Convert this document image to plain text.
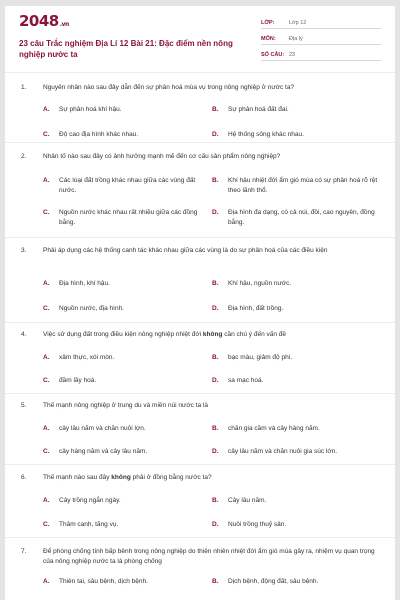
2048.vn
23 câu Trắc nghiệm Địa Lí 12 Bài 21: Đặc điểm nền nông nghiệp nước ta
LỚP:	Lớp 12
MÔN:	Địa lý
SỐ CÂU: 23
1.	Nguyên nhân nào sau đây dẫn đến sự phân hoá mùa vụ trong nông nghiệp ở nước ta?
A.	Sự phân hoá khí hậu.	B.	Sự phân hoá đất đai.
C.	Độ cao địa hình khác nhau.	D.	Hệ thống sông khác nhau.
2.	Nhân tố nào sau đây có ảnh hưởng mạnh mẽ đến cơ cấu sản phẩm nông nghiệp?
A.	Các loại đất trồng khác nhau giữa các vùng đất nước.
B.	Khí hậu nhiệt đới ẩm gió mùa có sự phân hoá rõ rệt theo lãnh thổ.
C.	Nguồn nước khác nhau rất nhiều giữa các đồng bằng.
D.	Địa hình đa dạng, có cả núi, đồi, cao nguyên, đồng bằng.
3.	Phải áp dụng các hệ thống canh tác khác nhau giữa các vùng là do sự phân hoá của các điều kiện
A.	Địa hình, khí hậu.	B.	Khí hậu, nguồn nước.
C.	Nguồn nước, địa hình.	D.	Địa hình, đất trồng.
4.	Việc sử dụng đất trong điều kiện nông nghiệp nhiệt đới không cần chú ý đến vấn đề
A.	xâm thực, xói mòn.	B.	bạc màu, giảm độ phì.
C.	đầm lầy hoá.	D.	sa mạc hoá.
5.	Thế mạnh nông nghiệp ở trung du và miền núi nước ta là
A.	cây lâu năm và chăn nuôi lợn.	B.	chăn gia cầm và cây hàng năm.
C.	cây hàng năm và cây lâu năm.	D.	cây lâu năm và chăn nuôi gia súc lớn.
6.	Thế mạnh nào sau đây không phải ở đồng bằng nước ta?
A.	Cây trồng ngắn ngày.	B.	Cây lâu năm.
C.	Thâm canh, tăng vụ.	D.	Nuôi trồng thuỷ sản.
7.	Để phòng chống tính bấp bênh trong nông nghiệp do thiên nhiên nhiệt đới ẩm gió mùa gây ra, nhiệm vụ quan trọng của nông nghiệp nước ta là phòng chống
A.	Thiên tai, sâu bệnh, dịch bệnh.	B.	Dịch bệnh, động đất, sâu bệnh.
